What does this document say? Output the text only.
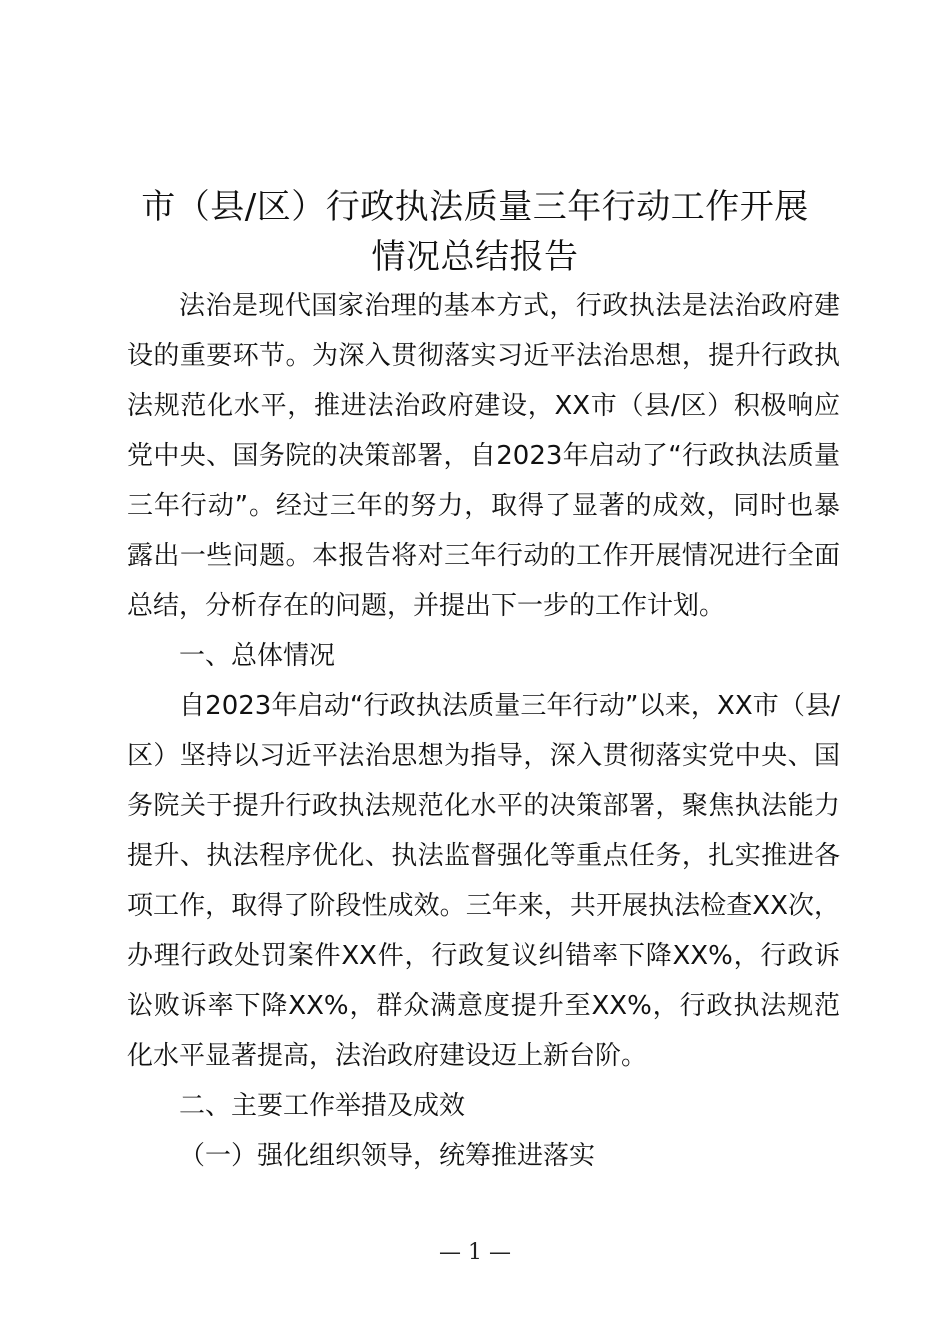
市（县/区）行政执法质量三年行动工作开展
情况总结报告

法治是现代国家治理的基本方式，行政执法是法治政府建设的重要环节。为深入贯彻落实习近平法治思想，提升行政执法规范化水平，推进法治政府建设，XX市（县/区）积极响应党中央、国务院的决策部署，自2023年启动了“行政执法质量三年行动”。经过三年的努力，取得了显著的成效，同时也暴露出一些问题。本报告将对三年行动的工作开展情况进行全面总结，分析存在的问题，并提出下一步的工作计划。

一、总体情况

自2023年启动“行政执法质量三年行动”以来，XX市（县/区）坚持以习近平法治思想为指导，深入贯彻落实党中央、国务院关于提升行政执法规范化水平的决策部署，聚焦执法能力提升、执法程序优化、执法监督强化等重点任务，扎实推进各项工作，取得了阶段性成效。三年来，共开展执法检查XX次，办理行政处罚案件XX件，行政复议纠错率下降XX%，行政诉讼败诉率下降XX%，群众满意度提升至XX%，行政执法规范化水平显著提高，法治政府建设迈上新台阶。

二、主要工作举措及成效

（一）强化组织领导，统筹推进落实

— 1 —
